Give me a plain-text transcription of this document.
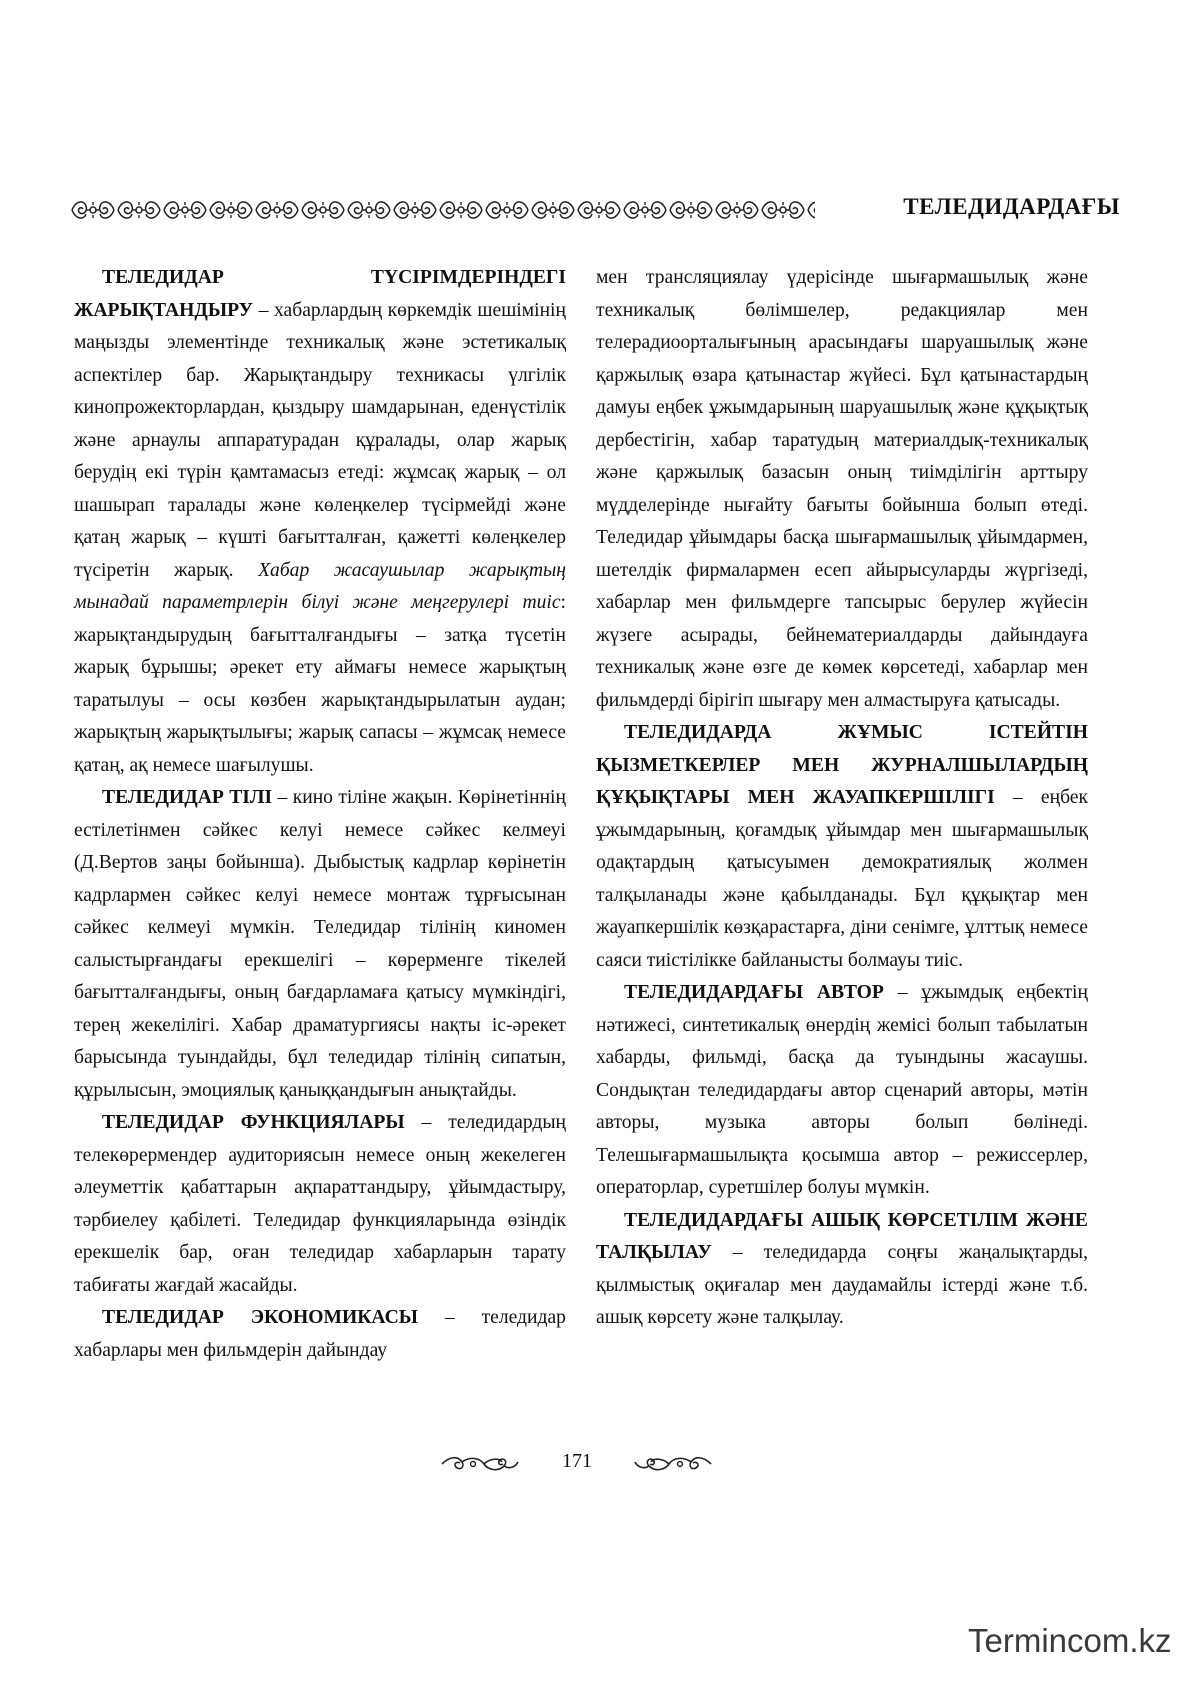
ТЕЛЕДИДАРДАҒЫ

ТЕЛЕДИДАР ТҮСІРІМДЕРІНДЕГІ ЖАРЫҚТАНДЫРУ – хабарлардың көркемдік шешімінің маңызды элементінде техникалық және эстетикалық аспектілер бар. Жарықтандыру техникасы үлгілік кинопрожекторлардан, қыздыру шамдарынан, еденүстілік және арнаулы аппаратурадан құралады, олар жарық берудің екі түрін қамтамасыз етеді: жұмсақ жарық – ол шашырап таралады және көлеңкелер түсірмейді және қатаң жарық – күшті бағытталған, қажетті көлеңкелер түсіретін жарық. Хабар жасаушылар жарықтың мынадай параметрлерін білуі және меңгерулері тиіс: жарықтандырудың бағытталғандығы – затқа түсетін жарық бұрышы; әрекет ету аймағы немесе жарықтың таратылуы – осы көзбен жарықтандырылатын аудан; жарықтың жарықтылығы; жарық сапасы – жұмсақ немесе қатаң, ақ немесе шағылушы.

ТЕЛЕДИДАР ТІЛІ – кино тіліне жақын. Көрінетіннің естілетінмен сәйкес келуі немесе сәйкес келмеуі (Д.Вертов заңы бойынша). Дыбыстық кадрлар көрінетін кадрлармен сәйкес келуі немесе монтаж тұрғысынан сәйкес келмеуі мүмкін. Теледидар тілінің киномен салыстырғандағы ерекшелігі – көрерменге тікелей бағытталғандығы, оның бағдарламаға қатысу мүмкіндігі, терең жекелілігі. Хабар драматургиясы нақты іс-әрекет барысында туындайды, бұл теледидар тілінің сипатын, құрылысын, эмоциялық қаныққандығын анықтайды.

ТЕЛЕДИДАР ФУНКЦИЯЛАРЫ – теледидардың телекөрермендер аудиториясын немесе оның жекелеген әлеуметтік қабаттарын ақпараттандыру, ұйымдастыру, тәрбиелеу қабілеті. Теледидар функцияларында өзіндік ерекшелік бар, оған теледидар хабарларын тарату табиғаты жағдай жасайды.

ТЕЛЕДИДАР ЭКОНОМИКАСЫ – теледидар хабарлары мен фильмдерін дайындау

мен трансляциялау үдерісінде шығармашылық және техникалық бөлімшелер, редакциялар мен телерадиоорталығының арасындағы шаруашылық және қаржылық өзара қатынастар жүйесі. Бұл қатынастардың дамуы еңбек ұжымдарының шаруашылық және құқықтық дербестігін, хабар таратудың материалдық-техникалық және қаржылық базасын оның тиімділігін арттыру мүдделерінде нығайту бағыты бойынша болып өтеді. Теледидар ұйымдары басқа шығармашылық ұйымдармен, шетелдік фирмалармен есеп айырысуларды жүргізеді, хабарлар мен фильмдерге тапсырыс берулер жүйесін жүзеге асырады, бейнематериалдарды дайындауға техникалық және өзге де көмек көрсетеді, хабарлар мен фильмдерді бірігіп шығару мен алмастыруға қатысады.

ТЕЛЕДИДАРДА ЖҰМЫС ІСТЕЙТІН ҚЫЗМЕТКЕРЛЕР МЕН ЖУРНАЛШЫЛАРДЫҢ ҚҰҚЫҚТАРЫ МЕН ЖАУАПКЕРШІЛІГІ – еңбек ұжымдарының, қоғамдық ұйымдар мен шығармашылық одақтардың қатысуымен демократиялық жолмен талқыланады және қабылданады. Бұл құқықтар мен жауапкершілік көзқарастарға, діни сенімге, ұлттық немесе саяси тиістілікке байланысты болмауы тиіс.

ТЕЛЕДИДАРДАҒЫ АВТОР – ұжымдық еңбектің нәтижесі, синтетикалық өнердің жемісі болып табылатын хабарды, фильмді, басқа да туындыны жасаушы. Сондықтан теледидардағы автор сценарий авторы, мәтін авторы, музыка авторы болып бөлінеді. Телешығармашылықта қосымша автор – режиссерлер, операторлар, суретшілер болуы мүмкін.

ТЕЛЕДИДАРДАҒЫ АШЫҚ КӨРСЕТІЛІМ ЖӘНЕ ТАЛҚЫЛАУ – теледидарда соңғы жаңалықтарды, қылмыстық оқиғалар мен даудамайлы істерді және т.б. ашық көрсету және талқылау.

171
Termincom.kz
